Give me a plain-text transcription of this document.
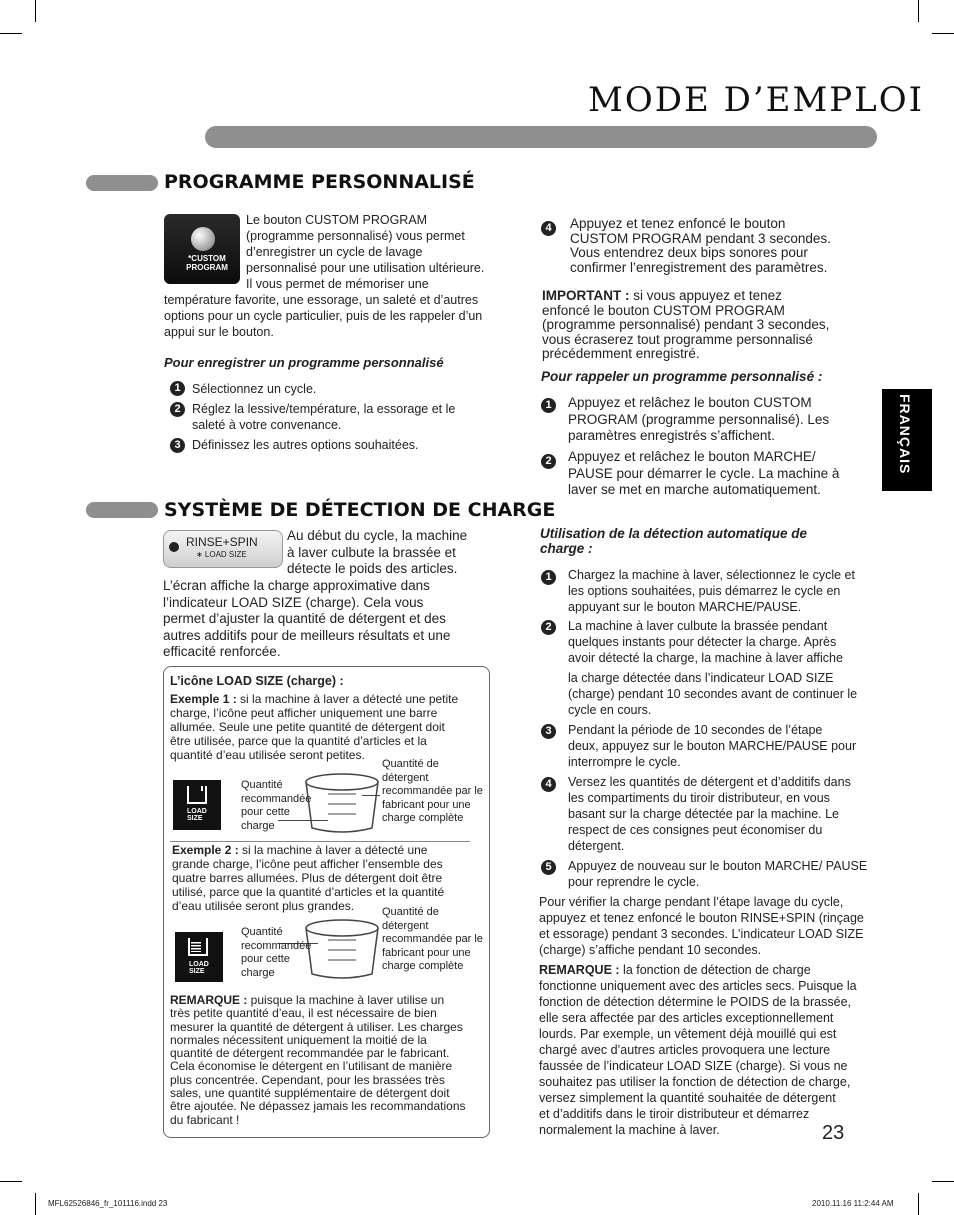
MODE D’EMPLOI
PROGRAMME PERSONNALISÉ
*CUSTOM
PROGRAM
Le bouton CUSTOM PROGRAM
(programme personnalisé) vous permet
d’enregistrer un cycle de lavage
personnalisé pour une utilisation ultérieure.
Il vous permet de mémoriser une
température favorite, une essorage, un saleté et d’autres
options pour un cycle particulier, puis de les rappeler d’un
appui sur le bouton.
Pour enregistrer un programme personnalisé
1 Sélectionnez un cycle.
2 Réglez la lessive/température, la essorage et le
saleté à votre convenance.
3 Définissez les autres options souhaitées.
SYSTÈME DE DÉTECTION DE CHARGE
RINSE+SPIN
∗ LOAD SIZE
Au début du cycle, la machine
à laver culbute la brassée et
détecte le poids des articles.
L’écran affiche la charge approximative dans
l’indicateur LOAD SIZE (charge). Cela vous
permet d’ajuster la quantité de détergent et des
autres additifs pour de meilleurs résultats et une
efficacité renforcée.
L’icône LOAD SIZE (charge) :
Exemple 1 : si la machine à laver a détecté une petite
charge, l’icône peut afficher uniquement une barre
allumée. Seule une petite quantité de détergent doit
être utilisée, parce que la quantité d’articles et la
quantité d’eau utilisée seront petites.
LOAD
SIZE
Quantité
recommandée
pour cette
charge
Quantité de
détergent
recommandée par le
fabricant pour une
charge complète
Exemple 2 : si la machine à laver a détecté une
grande charge, l’icône peut afficher l’ensemble des
quatre barres allumées. Plus de détergent doit être
utilisé, parce que la quantité d’articles et la quantité
d’eau utilisée seront plus grandes.
LOAD
SIZE
Quantité
recommandée
pour cette
charge
Quantité de
détergent
recommandée par le
fabricant pour une
charge complète
REMARQUE : puisque la machine à laver utilise un
très petite quantité d’eau, il est nécessaire de bien
mesurer la quantité de détergent à utiliser. Les charges
normales nécessitent uniquement la moitié de la
quantité de détergent recommandée par le fabricant.
Cela économise le détergent en l’utilisant de manière
plus concentrée. Cependant, pour les brassées très
sales, une quantité supplémentaire de détergent doit
être ajoutée. Ne dépassez jamais les recommandations
du fabricant !
4	Appuyez et tenez enfoncé le bouton
CUSTOM PROGRAM pendant 3 secondes.
Vous entendrez deux bips sonores pour
confirmer l’enregistrement des paramètres.
IMPORTANT : si vous appuyez et tenez
enfoncé le bouton CUSTOM PROGRAM
(programme personnalisé) pendant 3 secondes,
vous écraserez tout programme personnalisé
précédemment enregistré.
Pour rappeler un programme personnalisé :
1	Appuyez et relâchez le bouton CUSTOM
PROGRAM (programme personnalisé). Les
paramètres enregistrés s’affichent.
2	Appuyez et relâchez le bouton MARCHE/
PAUSE pour démarrer le cycle. La machine à
laver se met en marche automatiquement.
Utilisation de la détection automatique de
charge :
1	Chargez la machine à laver, sélectionnez le cycle et
les options souhaitées, puis démarrez le cycle en
appuyant sur le bouton MARCHE/PAUSE.
2	La machine à laver culbute la brassée pendant
quelques instants pour détecter la charge. Après
avoir détecté la charge, la machine à laver affiche
la charge détectée dans l’indicateur LOAD SIZE
(charge) pendant 10 secondes avant de continuer le
cycle en cours.
3	Pendant la période de 10 secondes de l’étape
deux, appuyez sur le bouton MARCHE/PAUSE pour
interrompre le cycle.
4	Versez les quantités de détergent et d’additifs dans
les compartiments du tiroir distributeur, en vous
basant sur la charge détectée par la machine. Le
respect de ces consignes peut économiser du
détergent.
5	Appuyez de nouveau sur le bouton MARCHE/ PAUSE
pour reprendre le cycle.
Pour vérifier la charge pendant l’étape lavage du cycle,
appuyez et tenez enfoncé le bouton RINSE+SPIN (rinçage
et essorage) pendant 3 secondes. L’indicateur LOAD SIZE
(charge) s’affiche pendant 10 secondes.
REMARQUE : la fonction de détection de charge
fonctionne uniquement avec des articles secs. Puisque la
fonction de détection détermine le POIDS de la brassée,
elle sera affectée par des articles exceptionnellement
lourds. Par exemple, un vêtement déjà mouillé qui est
chargé avec d’autres articles provoquera une lecture
faussée de l’indicateur LOAD SIZE (charge). Si vous ne
souhaitez pas utiliser la fonction de détection de charge,
versez simplement la quantité souhaitée de détergent
et d’additifs dans le tiroir distributeur et démarrez
normalement la machine à laver.
FRANÇAIS
23
MFL62526846_fr_101116.indd 23	2010.11.16 11:2:44 AM
